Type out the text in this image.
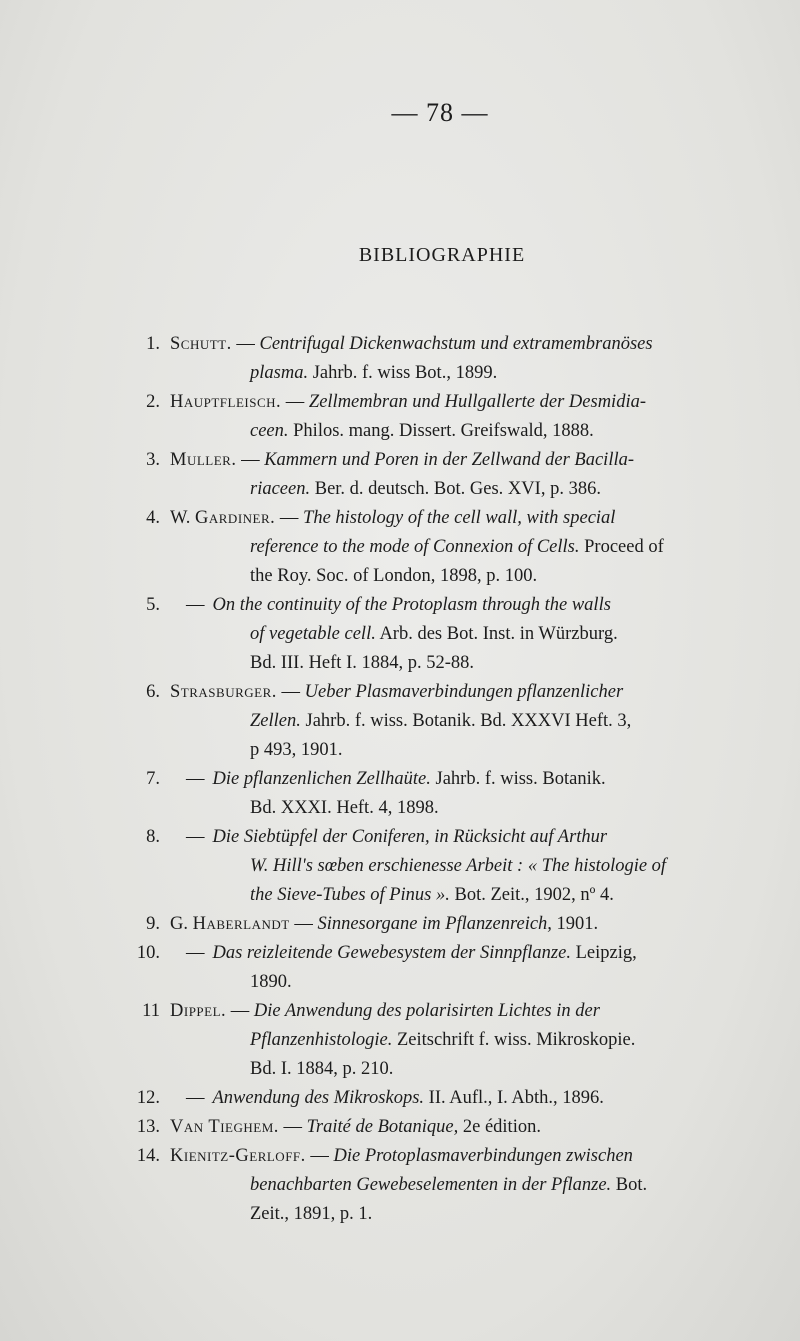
— 78 —
BIBLIOGRAPHIE
1. Schutt. — Centrifugal Dickenwachstum und extramembranöses
plasma. Jahrb. f. wiss Bot., 1899.
2. Hauptfleisch. — Zellmembran und Hullgallerte der Desmidia-
ceen. Philos. mang. Dissert. Greifswald, 1888.
3. Muller. — Kammern und Poren in der Zellwand der Bacilla-
riaceen. Ber. d. deutsch. Bot. Ges. XVI, p. 386.
4. W. Gardiner. — The histology of the cell wall, with special
reference to the mode of Connexion of Cells. Proceed of
the Roy. Soc. of London, 1898, p. 100.
5.	— On the continuity of the Protoplasm through the walls
of vegetable cell. Arb. des Bot. Inst. in Würzburg.
Bd. III. Heft I. 1884, p. 52-88.
6. Strasburger. — Ueber Plasmaverbindungen pflanzenlicher
Zellen. Jahrb. f. wiss. Botanik. Bd. XXXVI Heft. 3,
p 493, 1901.
7.	— Die pflanzenlichen Zellhaüte. Jahrb. f. wiss. Botanik.
Bd. XXXI. Heft. 4, 1898.
8.	— Die Siebtüpfel der Coniferen, in Rücksicht auf Arthur
W. Hill's sœben erschienesse Arbeit : « The histologie of
the Sieve-Tubes of Pinus ». Bot. Zeit., 1902, nº 4.
9. G. Haberlandt — Sinnesorgane im Pflanzenreich, 1901.
10.	— Das reizleitende Gewebesystem der Sinnpflanze. Leipzig,
1890.
11 Dippel. — Die Anwendung des polarisirten Lichtes in der
Pflanzenhistologie. Zeitschrift f. wiss. Mikroskopie.
Bd. I. 1884, p. 210.
12.	— Anwendung des Mikroskops. II. Aufl., I. Abth., 1896.
13. Van Tieghem. — Traité de Botanique, 2e édition.
14. Kienitz-Gerloff. — Die Protoplasmaverbindungen zwischen
benachbarten Gewebeselementen in der Pflanze. Bot.
Zeit., 1891, p. 1.
